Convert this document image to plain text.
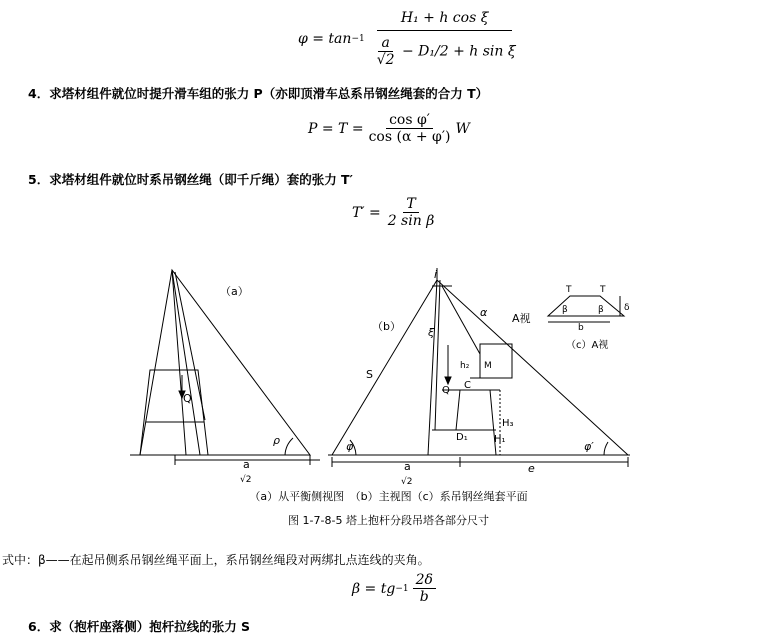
$\varphi = \tan -1 \frac{\text{H₁ + h cos ξ}}{\frac{a}{√2} - D_1/2 + h \sin \xi}$
4．求塔材组件就位时提升滑车组的张力 P（亦即顶滑车总系吊钢丝绳套的合力 T）
$P = T = \frac{\text{cos φ′}}{\cos (\alpha + \varphi')}$ W
5．求塔材组件就位时系吊钢丝绳（即千斤绳）套的张力 T′
$T' = \frac{T}{\text{2 sin β}}$
（a）
Q
ρ
a
√2
（b）
S
i
ξ
α A视
M
h₂
Q C
D₁
H₃
H₁
φ	φ′
a
√2
e
T	T
β	β
b
δ
（c）A视
（a）从平衡侧视图　（b）主视图（c）系吊钢丝绳套平面
图 1-7-8-5 塔上抱杆分段吊塔各部分尺寸
式中：β——在起吊侧系吊钢丝绳平面上，系吊钢丝绳段对两绑扎点连线的夹角。
β = tg $-1 \frac{2\delta}{b}$
6．求（抱杆座落侧）抱杆拉线的张力 S
